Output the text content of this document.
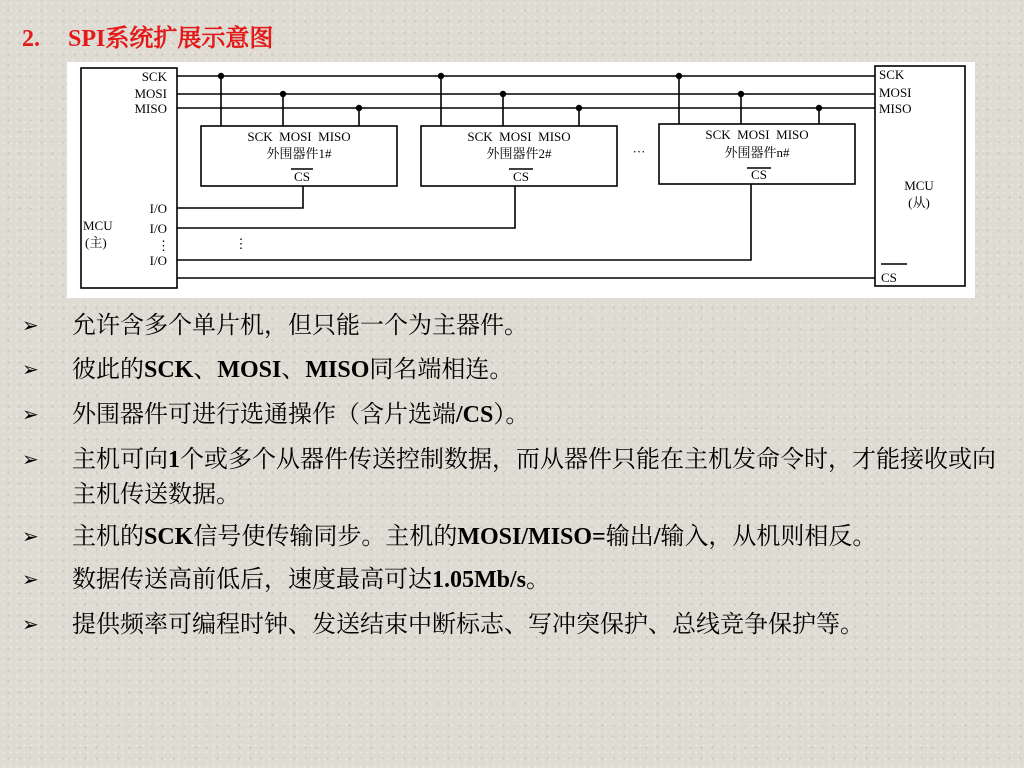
2. SPI系统扩展示意图
SCK
MOSI
MISO
I/O
I/O
⋮
I/O
MCU
(主)
SCK  MOSI  MISO
外围器件1#
CS
SCK  MOSI  MISO
外围器件2#
CS
SCK  MOSI  MISO
外围器件n#
CS
···
⋮
SCK
MOSI
MISO
MCU
(从)
CS
➢	允许含多个单片机，但只能一个为主器件。
➢	彼此的SCK、MOSI、MISO同名端相连。
➢	外围器件可进行选通操作（含片选端/CS）。
➢	主机可向1个或多个从器件传送控制数据，而从器件只能在主机发命令时，才能接收或向主机传送数据。
➢	主机的SCK信号使传输同步。主机的MOSI/MISO=输出/输入，从机则相反。
➢	数据传送高前低后，速度最高可达1.05Mb/s。
➢	提供频率可编程时钟、发送结束中断标志、写冲突保护、总线竞争保护等。
